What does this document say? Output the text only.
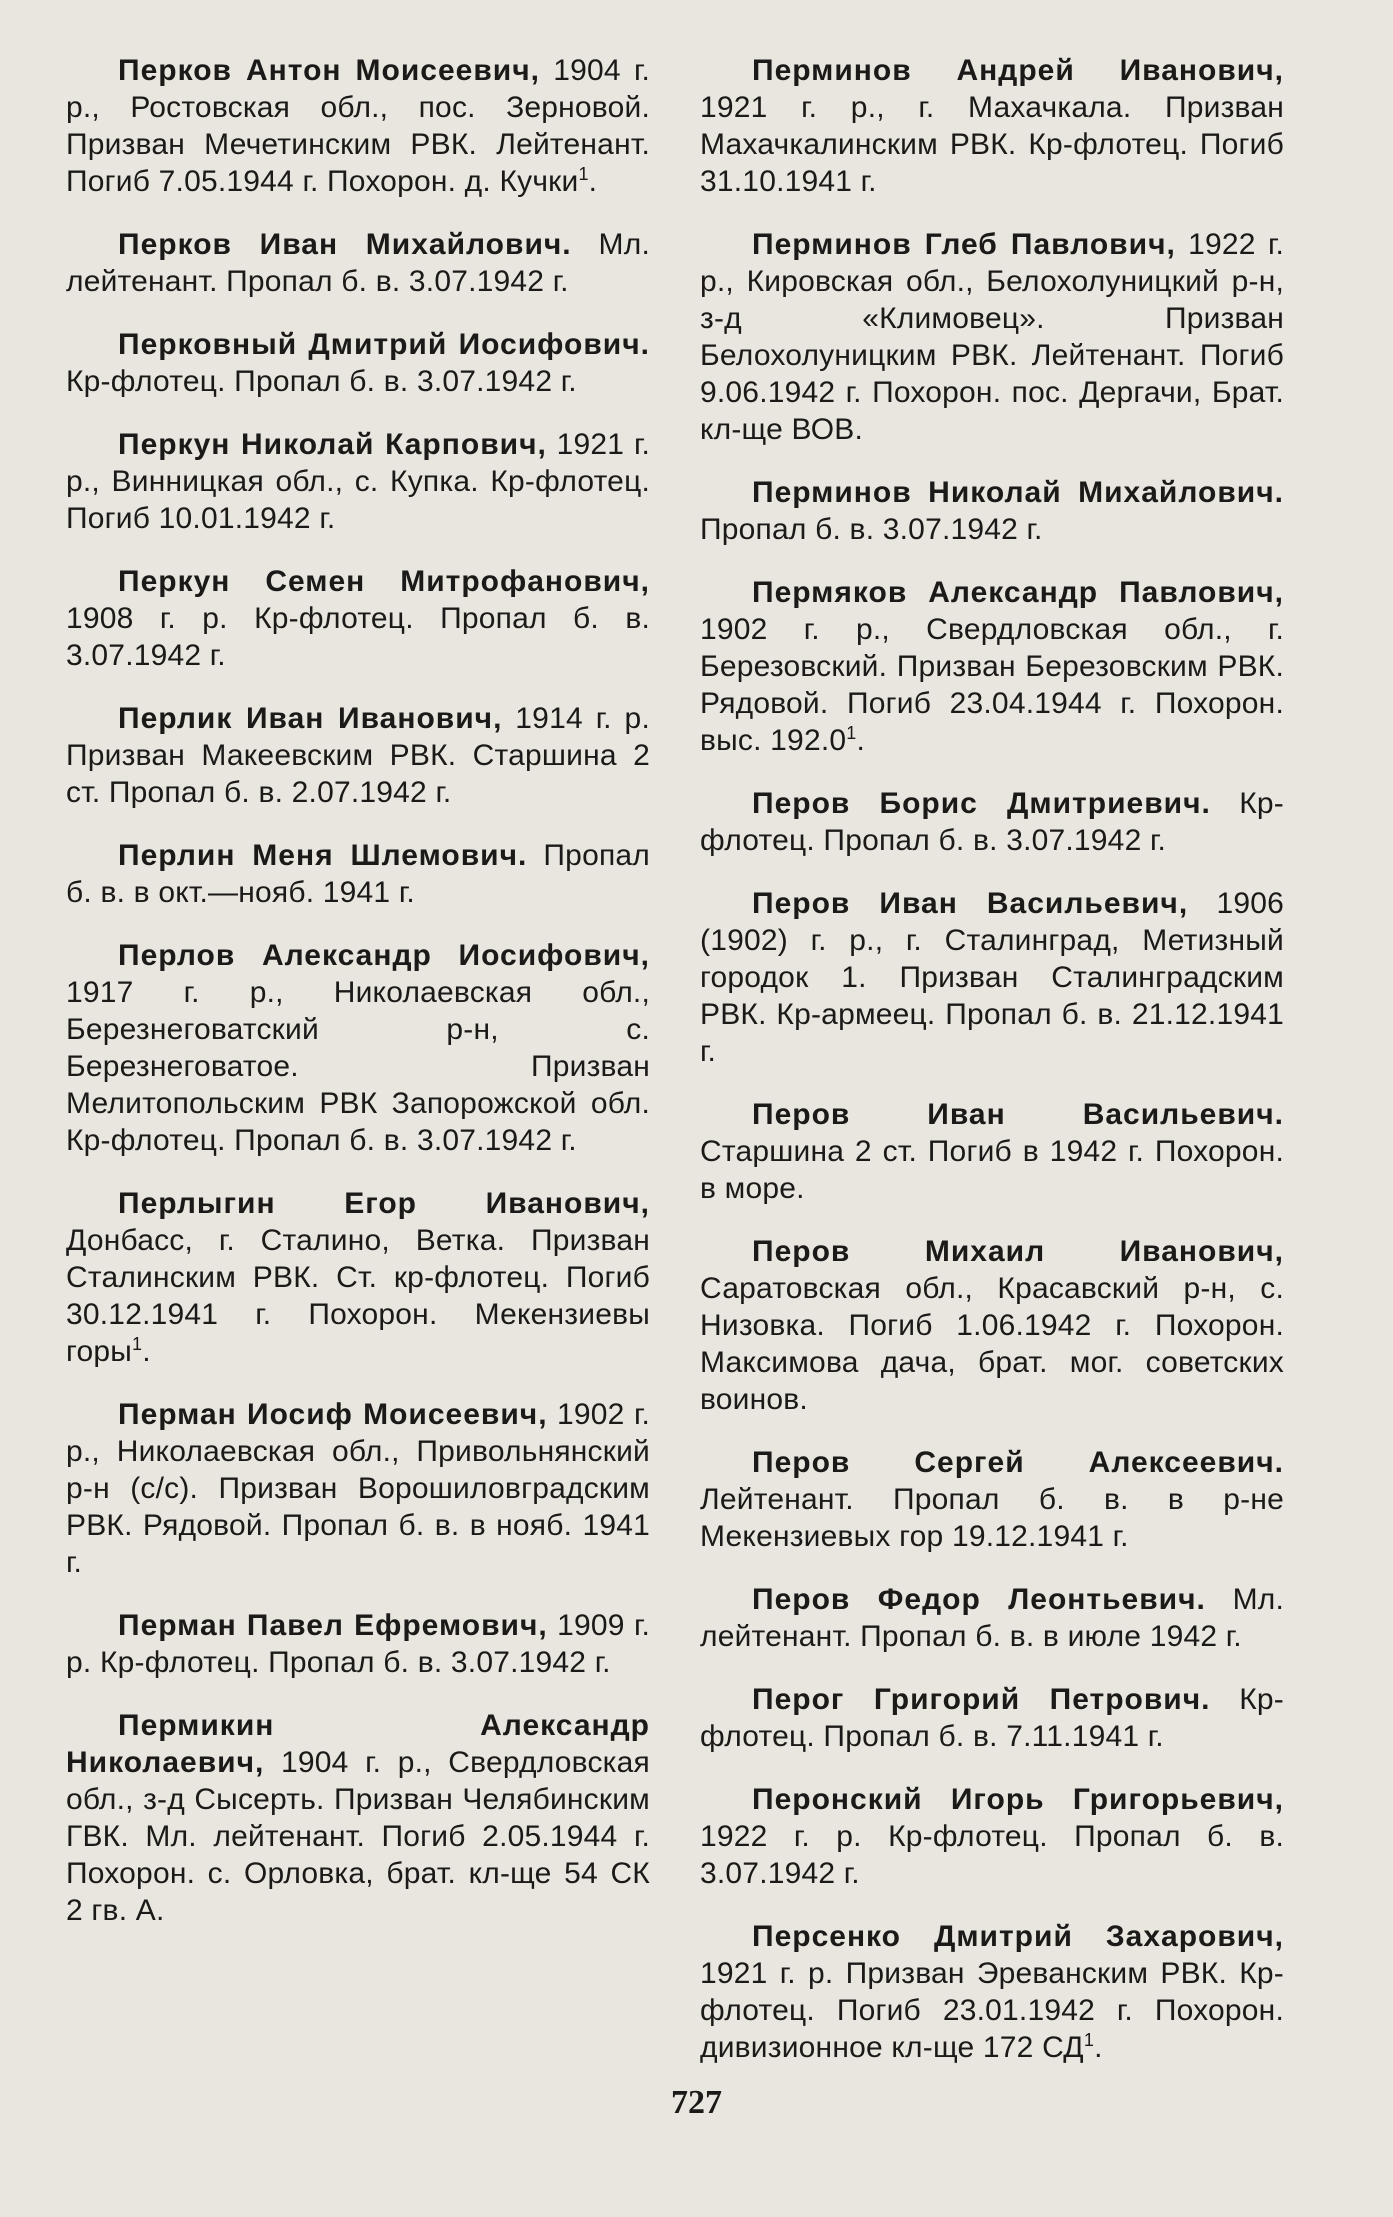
Перков Антон Моисеевич, 1904 г. р., Ростовская обл., пос. Зерновой. Призван Мечетинским РВК. Лейтенант. Погиб 7.05.1944 г. Похорон. д. Кучки$^1$.
Перков Иван Михайлович. Мл. лейтенант. Пропал б. в. 3.07.1942 г.
Перковный Дмитрий Иосифович. Кр-флотец. Пропал б. в. 3.07.1942 г.
Перкун Николай Карпович, 1921 г. р., Винницкая обл., с. Купка. Кр-флотец. Погиб 10.01.1942 г.
Перкун Семен Митрофанович, 1908 г. р. Кр-флотец. Пропал б. в. 3.07.1942 г.
Перлик Иван Иванович, 1914 г. р. Призван Макеевским РВК. Старшина 2 ст. Пропал б. в. 2.07.1942 г.
Перлин Меня Шлемович. Пропал б. в. в окт.—нояб. 1941 г.
Перлов Александр Иосифович, 1917 г. р., Николаевская обл., Березнеговатский р-н, с. Березнеговатое. Призван Мелитопольским РВК Запорожской обл. Кр-флотец. Пропал б. в. 3.07.1942 г.
Перлыгин Егор Иванович, Донбасс, г. Сталино, Ветка. Призван Сталинским РВК. Ст. кр-флотец. Погиб 30.12.1941 г. Похорон. Мекензиевы горы$^1$.
Перман Иосиф Моисеевич, 1902 г. р., Николаевская обл., Привольнянский р-н (с/с). Призван Ворошиловградским РВК. Рядовой. Пропал б. в. в нояб. 1941 г.
Перман Павел Ефремович, 1909 г. р. Кр-флотец. Пропал б. в. 3.07.1942 г.
Пермикин Александр Николаевич, 1904 г. р., Свердловская обл., з-д Сысерть. Призван Челябинским ГВК. Мл. лейтенант. Погиб 2.05.1944 г. Похорон. с. Орловка, брат. кл-ще 54 СК 2 гв. А.
Перминов Андрей Иванович, 1921 г. р., г. Махачкала. Призван Махачкалинским РВК. Кр-флотец. Погиб 31.10.1941 г.
Перминов Глеб Павлович, 1922 г. р., Кировская обл., Белохолуницкий р-н, з-д «Климовец». Призван Белохолуницким РВК. Лейтенант. Погиб 9.06.1942 г. Похорон. пос. Дергачи, Брат. кл-ще ВОВ.
Перминов Николай Михайлович. Пропал б. в. 3.07.1942 г.
Пермяков Александр Павлович, 1902 г. р., Свердловская обл., г. Березовский. Призван Березовским РВК. Рядовой. Погиб 23.04.1944 г. Похорон. выс. 192.0$^1$.
Перов Борис Дмитриевич. Кр-флотец. Пропал б. в. 3.07.1942 г.
Перов Иван Васильевич, 1906 (1902) г. р., г. Сталинград, Метизный городок 1. Призван Сталинградским РВК. Кр-армеец. Пропал б. в. 21.12.1941 г.
Перов Иван Васильевич. Старшина 2 ст. Погиб в 1942 г. Похорон. в море.
Перов Михаил Иванович, Саратовская обл., Красавский р-н, с. Низовка. Погиб 1.06.1942 г. Похорон. Максимова дача, брат. мог. советских воинов.
Перов Сергей Алексеевич. Лейтенант. Пропал б. в. в р-не Мекензиевых гор 19.12.1941 г.
Перов Федор Леонтьевич. Мл. лейтенант. Пропал б. в. в июле 1942 г.
Перог Григорий Петрович. Кр-флотец. Пропал б. в. 7.11.1941 г.
Перонский Игорь Григорьевич, 1922 г. р. Кр-флотец. Пропал б. в. 3.07.1942 г.
Персенко Дмитрий Захарович, 1921 г. р. Призван Эреванским РВК. Кр-флотец. Погиб 23.01.1942 г. Похорон. дивизионное кл-ще 172 $СД^1$.
727
